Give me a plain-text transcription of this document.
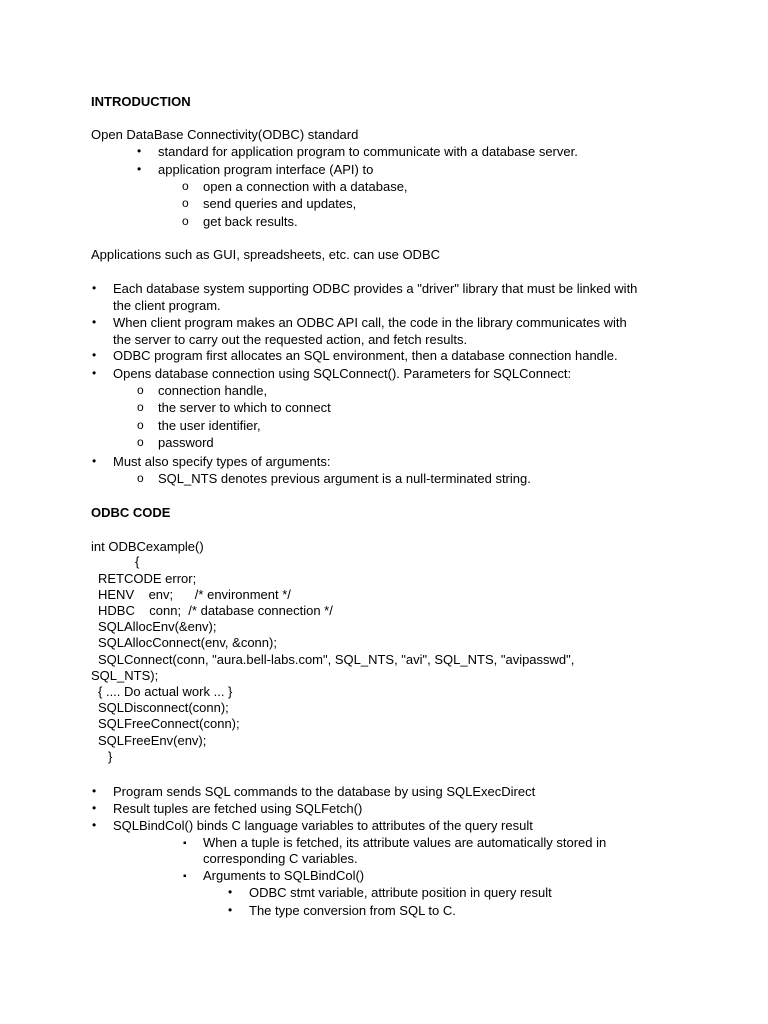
INTRODUCTION
Open DataBase Connectivity(ODBC) standard
• standard for application program to communicate with a database server.
• application program interface (API) to
o open a connection with a database,
o send queries and updates,
o get back results.
Applications such as GUI, spreadsheets, etc. can use ODBC
• Each database system supporting ODBC provides a "driver" library that must be linked with
the client program.
• When client program makes an ODBC API call, the code in the library communicates with
the server to carry out the requested action, and fetch results.
• ODBC program first allocates an SQL environment, then a database connection handle.
• Opens database connection using SQLConnect(). Parameters for SQLConnect:
o connection handle,
o the server to which to connect
o the user identifier,
o password
• Must also specify types of arguments:
o SQL_NTS denotes previous argument is a null-terminated string.
ODBC CODE
int ODBCexample()
{
RETCODE error;
HENV    env;      /* environment */
HDBC    conn;  /* database connection */
SQLAllocEnv(&env);
SQLAllocConnect(env, &conn);
SQLConnect(conn, "aura.bell-labs.com", SQL_NTS, "avi", SQL_NTS, "avipasswd",
SQL_NTS);
{ .... Do actual work ... }
SQLDisconnect(conn);
SQLFreeConnect(conn);
SQLFreeEnv(env);
}
• Program sends SQL commands to the database by using SQLExecDirect
• Result tuples are fetched using SQLFetch()
• SQLBindCol() binds C language variables to attributes of the query result
▪ When a tuple is fetched, its attribute values are automatically stored in
corresponding C variables.
▪ Arguments to SQLBindCol()
• ODBC stmt variable, attribute position in query result
• The type conversion from SQL to C.
